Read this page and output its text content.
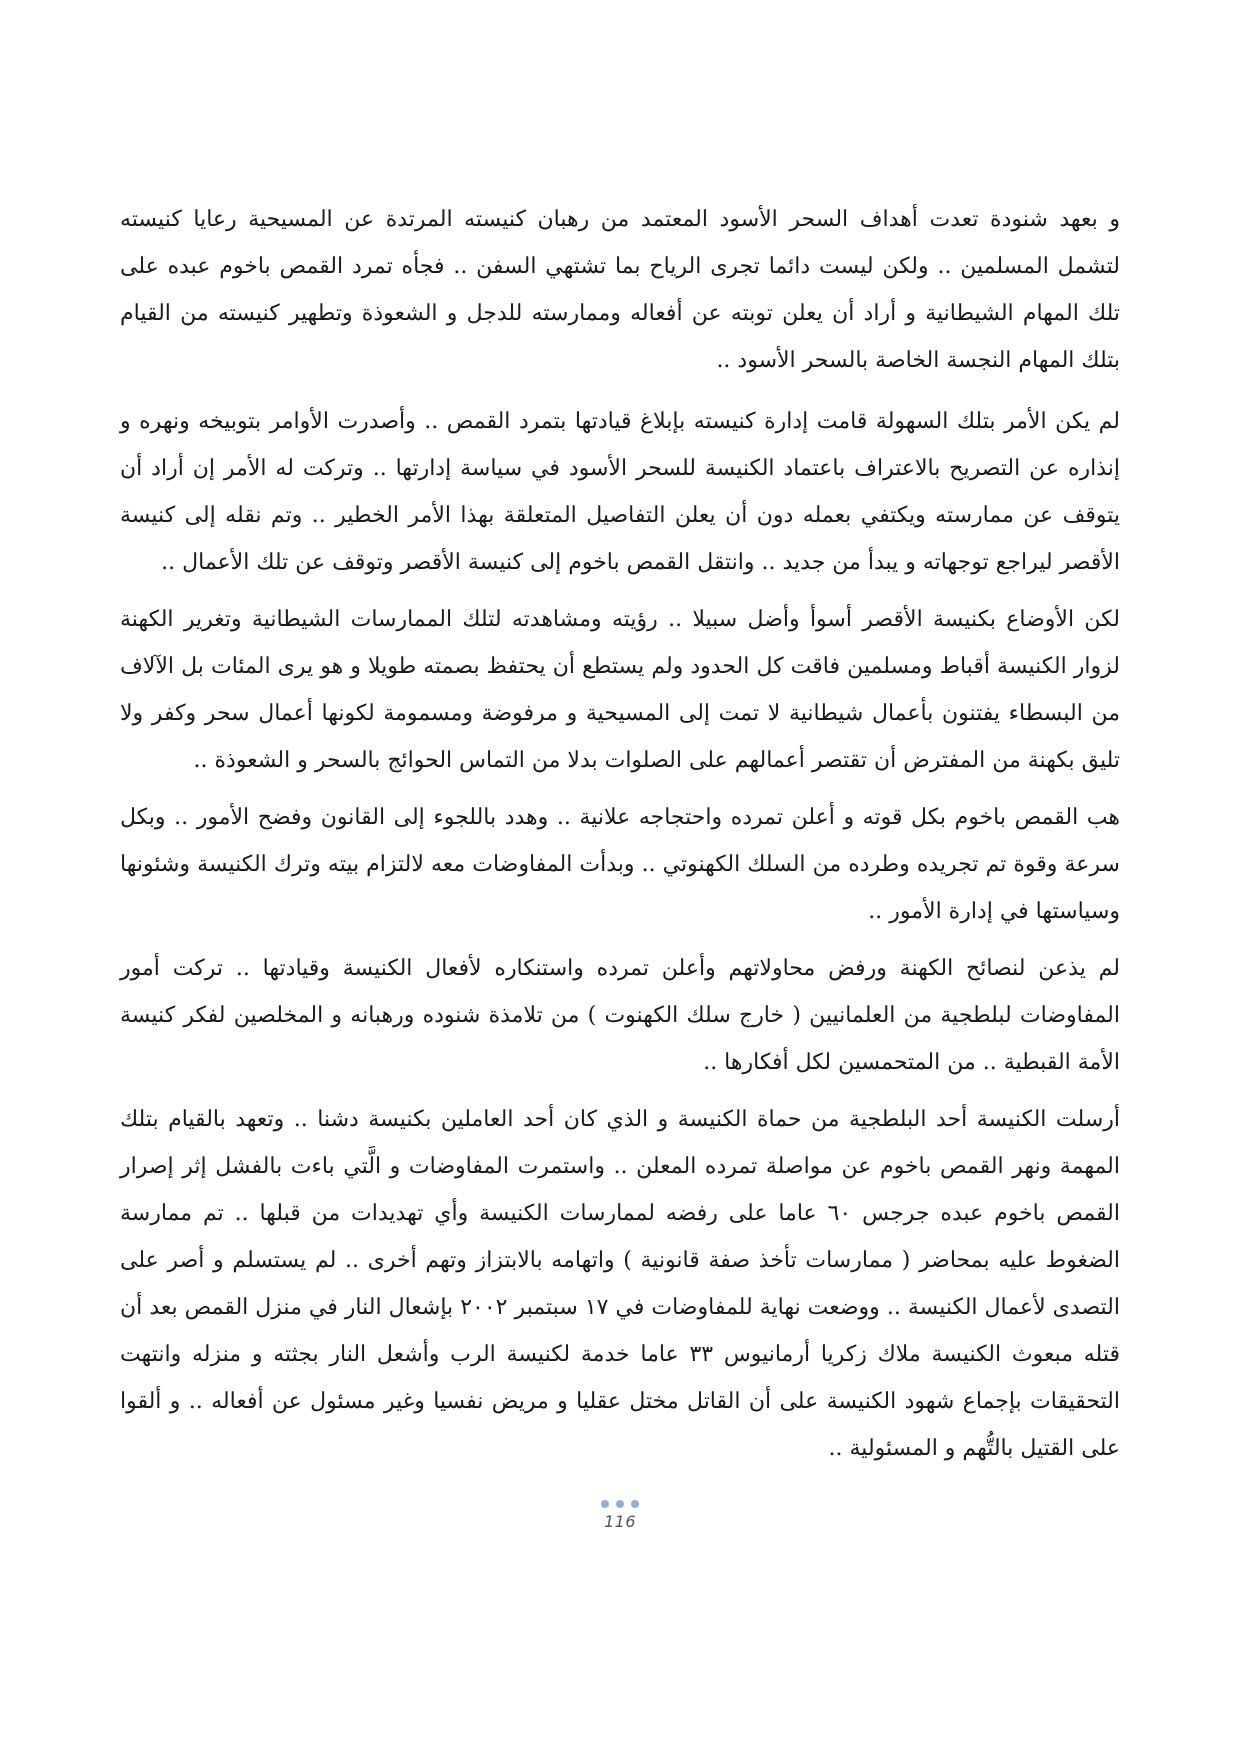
و بعهد شنودة تعدت أهداف السحر الأسود المعتمد من رهبان كنيسته المرتدة عن المسيحية رعايا كنيسته لتشمل المسلمين .. ولكن ليست دائما تجرى الرياح بما تشتهي السفن .. فجأه تمرد القمص باخوم عبده على تلك المهام الشيطانية و أراد أن يعلن توبته عن أفعاله وممارسته للدجل و الشعوذة وتطهير كنيسته من القيام بتلك المهام النجسة الخاصة بالسحر الأسود ..

لم يكن الأمر بتلك السهولة قامت إدارة كنيسته بإبلاغ قيادتها بتمرد القمص .. وأصدرت الأوامر بتوبيخه ونهره و إنذاره عن التصريح بالاعتراف باعتماد الكنيسة للسحر الأسود في سياسة إدارتها .. وتركت له الأمر إن أراد أن يتوقف عن ممارسته ويكتفي بعمله دون أن يعلن التفاصيل المتعلقة بهذا الأمر الخطير .. وتم نقله إلى كنيسة الأقصر ليراجع توجهاته و يبدأ من جديد .. وانتقل القمص باخوم إلى كنيسة الأقصر وتوقف عن تلك الأعمال ..

لكن الأوضاع بكنيسة الأقصر أسوأ وأضل سبيلا .. رؤيته ومشاهدته لتلك الممارسات الشيطانية وتغرير الكهنة لزوار الكنيسة أقباط ومسلمين فاقت كل الحدود ولم يستطع أن يحتفظ بصمته طويلا و هو يرى المئات بل الآلاف من البسطاء يفتنون بأعمال شيطانية لا تمت إلى المسيحية و مرفوضة ومسمومة لكونها أعمال سحر وكفر ولا تليق بكهنة من المفترض أن تقتصر أعمالهم على الصلوات بدلا من التماس الحوائج بالسحر و الشعوذة ..

هب القمص باخوم بكل قوته و أعلن تمرده واحتجاجه علانية .. وهدد باللجوء إلى القانون وفضح الأمور .. وبكل سرعة وقوة تم تجريده وطرده من السلك الكهنوتي .. وبدأت المفاوضات معه لالتزام بيته وترك الكنيسة وشئونها وسياستها في إدارة الأمور ..

لم يذعن لنصائح الكهنة ورفض محاولاتهم وأعلن تمرده واستنكاره لأفعال الكنيسة وقيادتها .. تركت أمور المفاوضات لبلطجية من العلمانيين ( خارج سلك الكهنوت ) من تلامذة شنوده ورهبانه و المخلصين لفكر كنيسة الأمة القبطية .. من المتحمسين لكل أفكارها ..

أرسلت الكنيسة أحد البلطجية من حماة الكنيسة و الذي كان أحد العاملين بكنيسة دشنا .. وتعهد بالقيام بتلك المهمة ونهر القمص باخوم عن مواصلة تمرده المعلن .. واستمرت المفاوضات و الَّتي باءت بالفشل إثر إصرار القمص باخوم عبده جرجس ٦٠ عاما على رفضه لممارسات الكنيسة وأي تهديدات من قبلها .. تم ممارسة الضغوط عليه بمحاضر ( ممارسات تأخذ صفة قانونية ) واتهامه بالابتزاز وتهم أخرى .. لم يستسلم و أصر على التصدى لأعمال الكنيسة .. ووضعت نهاية للمفاوضات في ١٧ سبتمبر ٢٠٠٢ بإشعال النار في منزل القمص بعد أن قتله مبعوث الكنيسة ملاك زكريا أرمانيوس ٣٣ عاما خدمة لكنيسة الرب وأشعل النار بجثته و منزله وانتهت التحقيقات بإجماع شهود الكنيسة على أن القاتل مختل عقليا و مريض نفسيا وغير مسئول عن أفعاله .. و ألقوا على القتيل بالتُّهم و المسئولية ..

116
